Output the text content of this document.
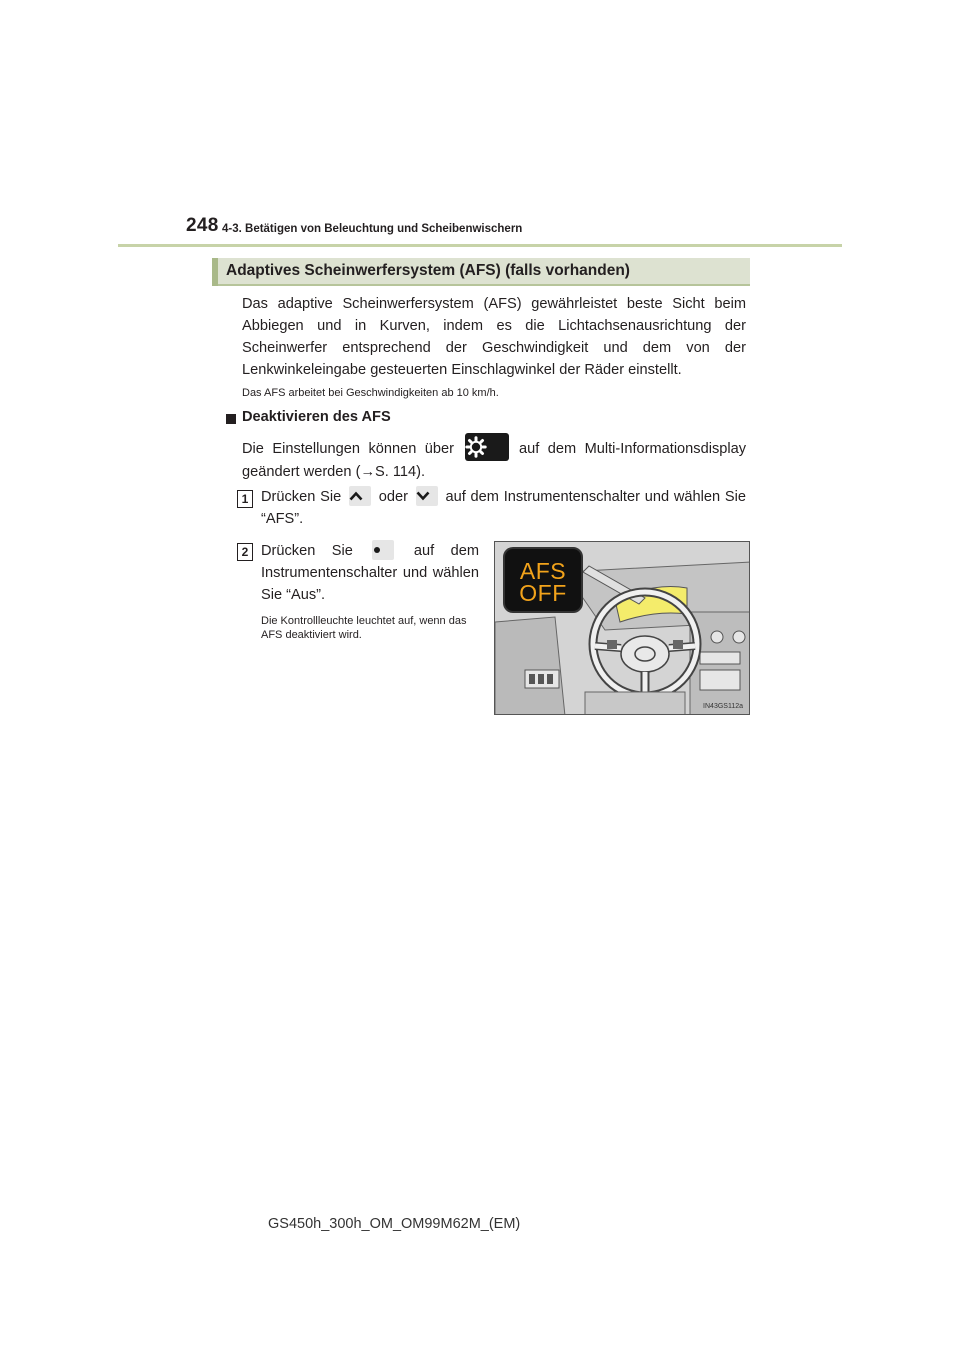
248 4-3. Betätigen von Beleuchtung und Scheibenwischern
Adaptives Scheinwerfersystem (AFS) (falls vorhanden)
Das adaptive Scheinwerfersystem (AFS) gewährleistet beste Sicht beim Abbiegen und in Kurven, indem es die Lichtachsenausrichtung der Scheinwerfer entsprechend der Geschwindigkeit und dem von der Lenkwinkeleingabe gesteuerten Einschlagwinkel der Räder einstellt.
Das AFS arbeitet bei Geschwindigkeiten ab 10 km/h.
Deaktivieren des AFS
Die Einstellungen können über	auf dem Multi-Informationsdisplay geändert werden (→S. 114).
1 Drücken Sie	oder	auf dem Instrumentenschalter und wählen Sie “AFS”.
2 Drücken Sie	auf dem Instrumentenschalter und wählen Sie “Aus”.
Die Kontrollleuchte leuchtet auf, wenn das AFS deaktiviert wird.
AFS
OFF
IN43GS112a
GS450h_300h_OM_OM99M62M_(EM)
